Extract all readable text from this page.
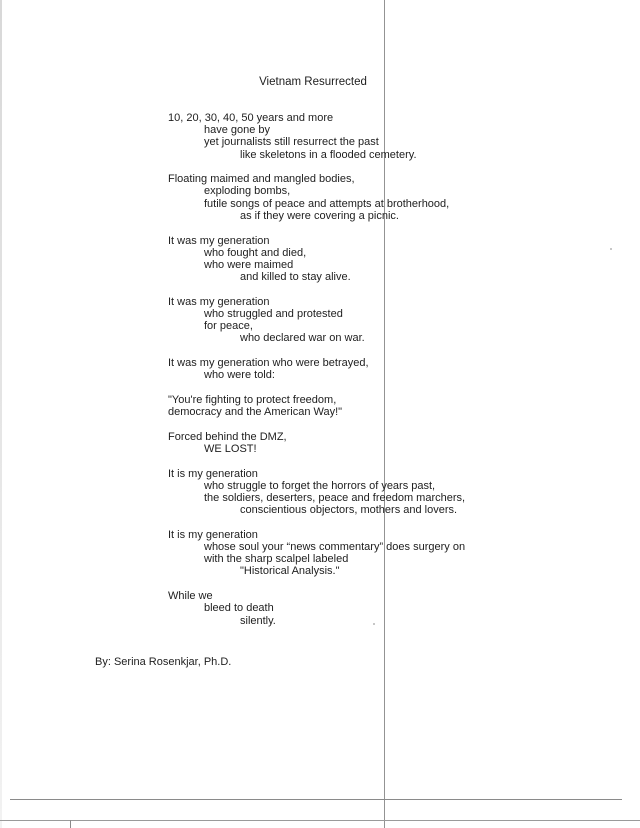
Vietnam Resurrected
10, 20, 30, 40, 50 years and more
have gone by
yet journalists still resurrect the past
like skeletons in a flooded cemetery.
Floating maimed and mangled bodies,
exploding bombs,
futile songs of peace and attempts at brotherhood,
as if they were covering a picnic.
It was my generation
who fought and died,
who were maimed
and killed to stay alive.
It was my generation
who struggled and protested
for peace,
who declared war on war.
It was my generation who were betrayed,
who were told:
"You're fighting to protect freedom,
democracy and the American Way!"
Forced behind the DMZ,
WE LOST!
It is my generation
who struggle to forget the horrors of years past,
the soldiers, deserters, peace and freedom marchers,
conscientious objectors, mothers and lovers.
It is my generation
whose soul your “news commentary” does surgery on
with the sharp scalpel labeled
"Historical Analysis."
While we
bleed to death
silently.
By: Serina Rosenkjar, Ph.D.
